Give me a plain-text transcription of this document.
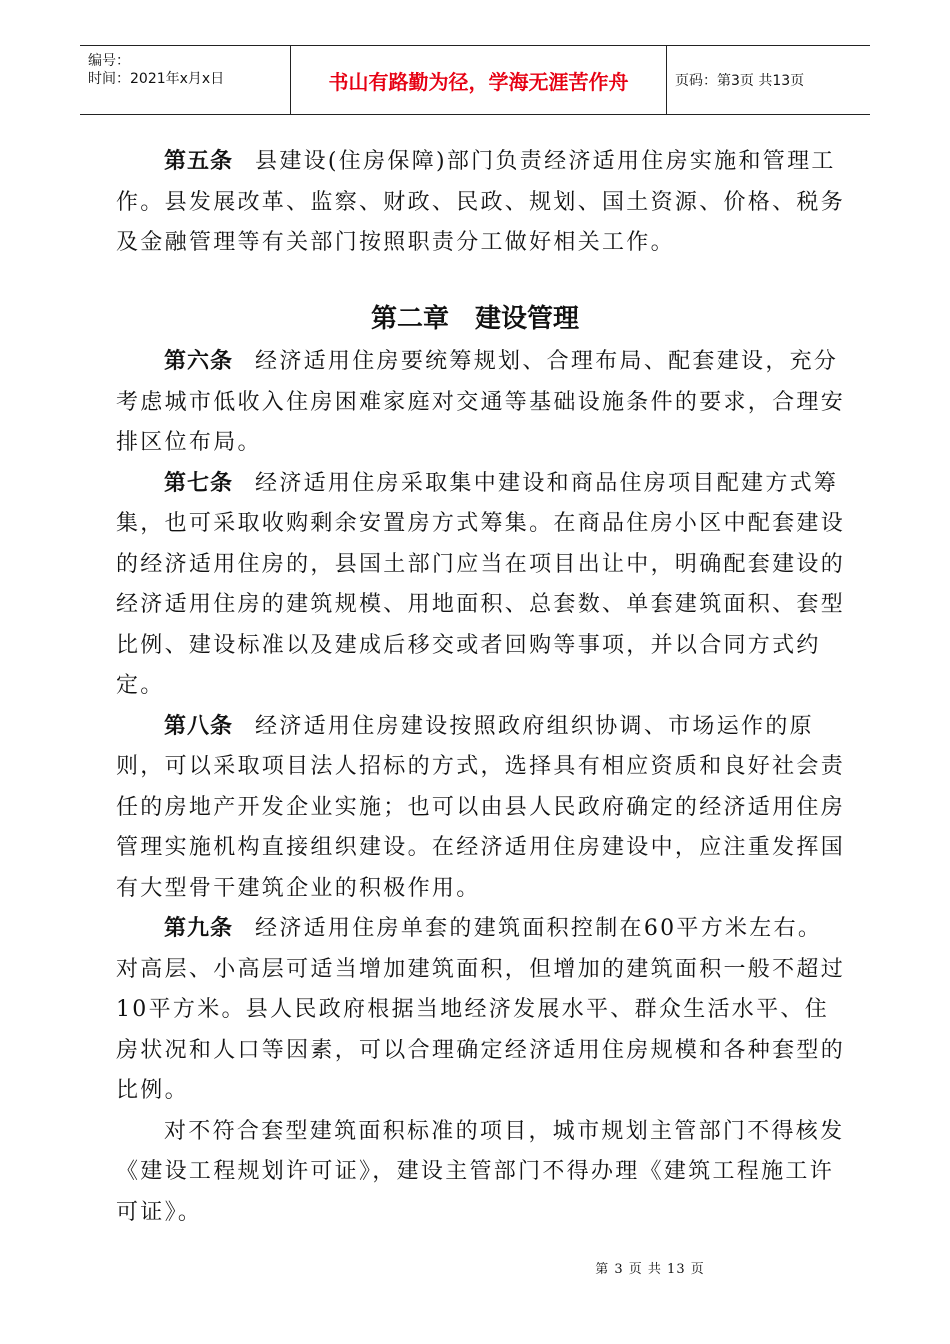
编号：
时间：2021年x月x日	书山有路勤为径，学海无涯苦作舟	页码：第3页 共13页

第五条 县建设(住房保障)部门负责经济适用住房实施和管理工作。县发展改革、监察、财政、民政、规划、国土资源、价格、税务及金融管理等有关部门按照职责分工做好相关工作。

第二章 建设管理

第六条 经济适用住房要统筹规划、合理布局、配套建设，充分考虑城市低收入住房困难家庭对交通等基础设施条件的要求，合理安排区位布局。

第七条 经济适用住房采取集中建设和商品住房项目配建方式筹集，也可采取收购剩余安置房方式筹集。在商品住房小区中配套建设的经济适用住房的，县国土部门应当在项目出让中，明确配套建设的经济适用住房的建筑规模、用地面积、总套数、单套建筑面积、套型比例、建设标准以及建成后移交或者回购等事项，并以合同方式约定。

第八条 经济适用住房建设按照政府组织协调、市场运作的原则，可以采取项目法人招标的方式，选择具有相应资质和良好社会责任的房地产开发企业实施；也可以由县人民政府确定的经济适用住房管理实施机构直接组织建设。在经济适用住房建设中，应注重发挥国有大型骨干建筑企业的积极作用。

第九条 经济适用住房单套的建筑面积控制在60平方米左右。对高层、小高层可适当增加建筑面积，但增加的建筑面积一般不超过10平方米。县人民政府根据当地经济发展水平、群众生活水平、住房状况和人口等因素，可以合理确定经济适用住房规模和各种套型的比例。

对不符合套型建筑面积标准的项目，城市规划主管部门不得核发《建设工程规划许可证》，建设主管部门不得办理《建筑工程施工许可证》。

第 3 页 共 13 页
